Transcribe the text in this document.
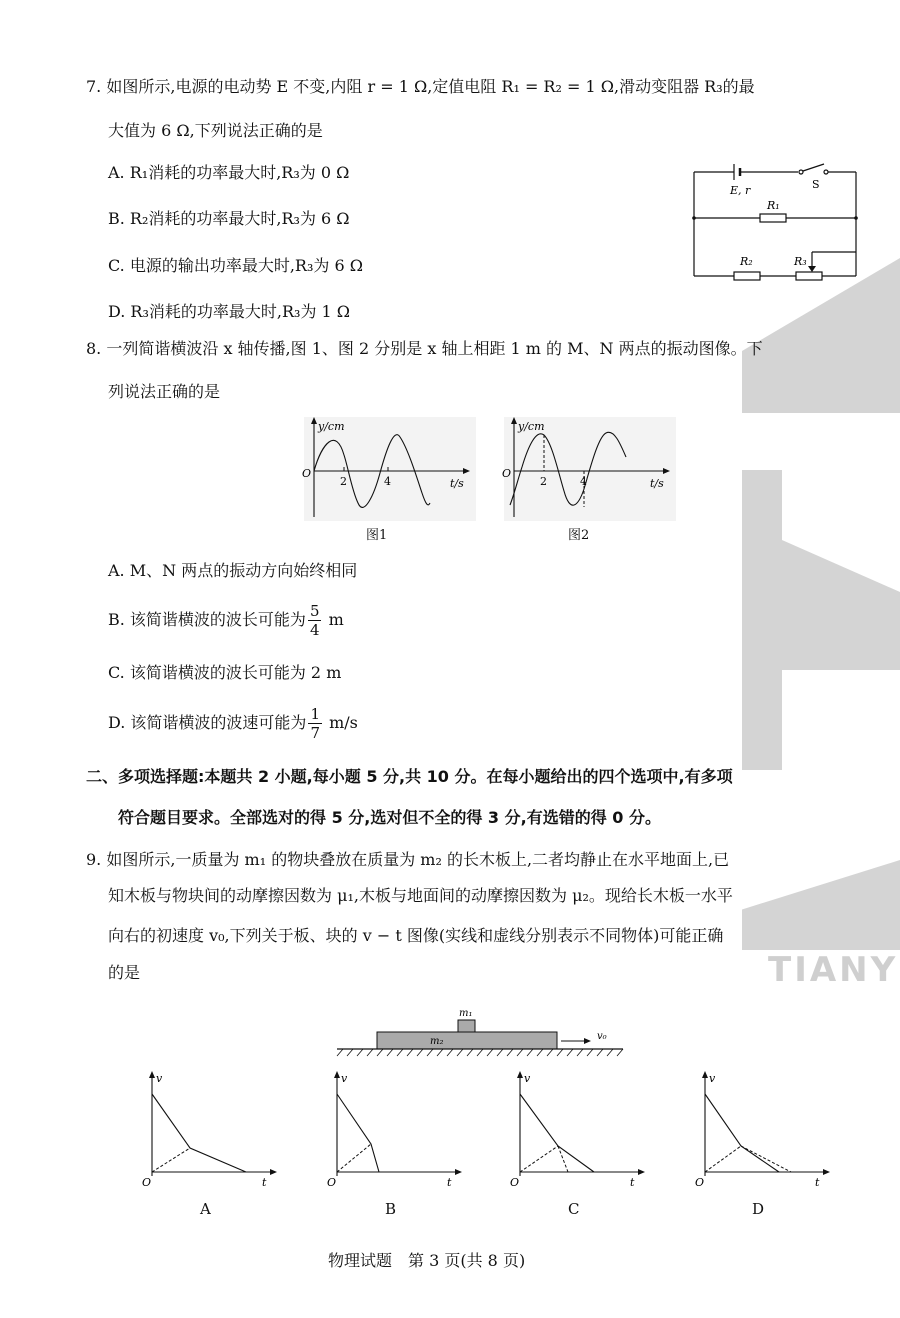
TIANY
7. 如图所示,电源的电动势 E 不变,内阻 r = 1 Ω,定值电阻 R₁ = R₂ = 1 Ω,滑动变阻器 R₃的最
大值为 6 Ω,下列说法正确的是
A. R₁消耗的功率最大时,R₃为 0 Ω
B. R₂消耗的功率最大时,R₃为 6 Ω
C. 电源的输出功率最大时,R₃为 6 Ω
D. R₃消耗的功率最大时,R₃为 1 Ω
E, r	S
R₁
R₂	R₃
8. 一列简谐横波沿 x 轴传播,图 1、图 2 分别是 x 轴上相距 1 m 的 M、N 两点的振动图像。下
列说法正确的是
y/cm
t/s
O
2	4
图1
y/cm
t/s
O
2	4
图2
A. M、N 两点的振动方向始终相同
B. 该简谐横波的波长可能为 $\frac{5}{4}$ m
C. 该简谐横波的波长可能为 2 m
D. 该简谐横波的波速可能为 $\frac{1}{7} m/s$
二、多项选择题:本题共 2 小题,每小题 5 分,共 10 分。在每小题给出的四个选项中,有多项
符合题目要求。全部选对的得 5 分,选对但不全的得 3 分,有选错的得 0 分。
9. 如图所示,一质量为 m₁ 的物块叠放在质量为 m₂ 的长木板上,二者均静止在水平地面上,已
知木板与物块间的动摩擦因数为 μ₁,木板与地面间的动摩擦因数为 μ₂。现给长木板一水平
向右的初速度 v₀,下列关于板、块的 v − t 图像(实线和虚线分别表示不同物体)可能正确
的是
m₁
m₂	v₀
v
t
O
A
v
t
O
B
v
t
O
C
v
t
O
D
物理试题　第 3 页(共 8 页)
